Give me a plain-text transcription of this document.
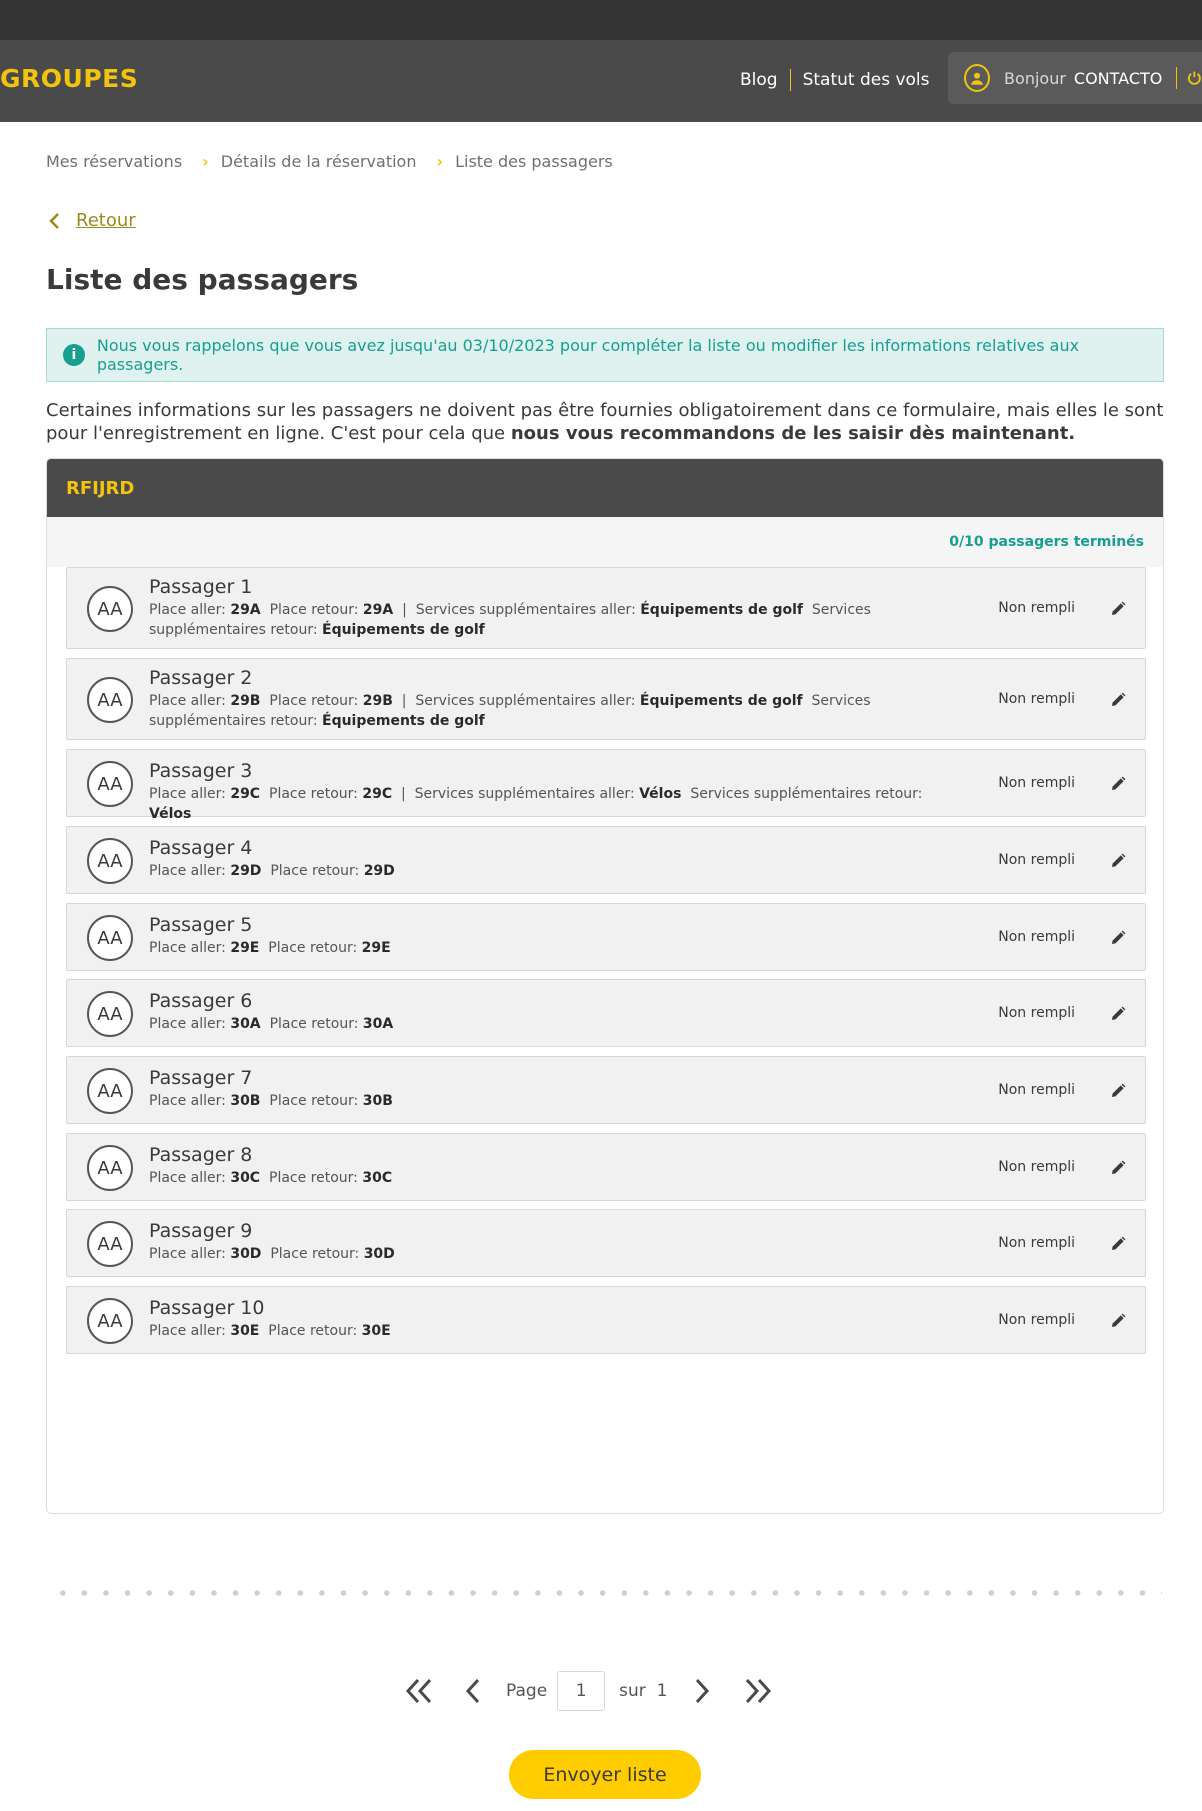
GROUPES	Blog Statut des vols	Bonjour CONTACTO
Mes réservations › Détails de la réservation › Liste des passagers
Retour
Liste des passagers
i	Nous vous rappelons que vous avez jusqu'au 03/10/2023 pour compléter la liste ou modifier les informations relatives aux passagers.
Certaines informations sur les passagers ne doivent pas être fournies obligatoirement dans ce formulaire, mais elles le sont pour l'enregistrement en ligne. C'est pour cela que nous vous recommandons de les saisir dès maintenant.
RFIJRD
0/10 passagers terminés
AA
Passager 1
Place aller: 29A Place retour: 29A  |  Services supplémentaires aller: Équipements de golf Services supplémentaires retour: Équipements de golf
Non rempli
AA
Passager 2
Place aller: 29B Place retour: 29B  |  Services supplémentaires aller: Équipements de golf Services supplémentaires retour: Équipements de golf
Non rempli
AA
Passager 3
Place aller: 29C Place retour: 29C  |  Services supplémentaires aller: Vélos Services supplémentaires retour: Vélos
Non rempli
AA
Passager 4
Place aller: 29D Place retour: 29D
Non rempli
AA
Passager 5
Place aller: 29E Place retour: 29E
Non rempli
AA
Passager 6
Place aller: 30A Place retour: 30A
Non rempli
AA
Passager 7
Place aller: 30B Place retour: 30B
Non rempli
AA
Passager 8
Place aller: 30C Place retour: 30C
Non rempli
AA
Passager 9
Place aller: 30D Place retour: 30D
Non rempli
AA
Passager 10
Place aller: 30E Place retour: 30E
Non rempli
Page
1	sur 1
Envoyer liste
